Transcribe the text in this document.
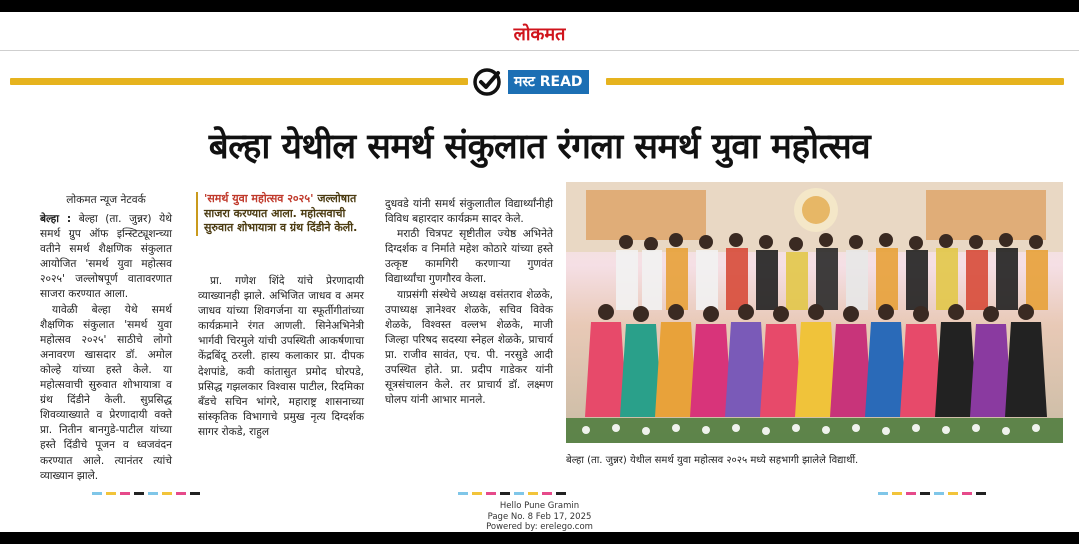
लोकमत
मस्ट READ
बेल्हा येथील समर्थ संकुलात रंगला समर्थ युवा महोत्सव
लोकमत न्यूज नेटवर्क

बेल्हा : बेल्हा (ता. जुन्नर) येथे समर्थ ग्रुप ऑफ इन्स्टिट्यूशन्च्या वतीने समर्थ शैक्षणिक संकुलात आयोजित 'समर्थ युवा महोत्सव २०२५' जल्लोषपूर्ण वातावरणात साजरा करण्यात आला.

यावेळी बेल्हा येथे समर्थ शैक्षणिक संकुलात 'समर्थ युवा महोत्सव २०२५' साठीचे लोगो अनावरण खासदार डॉ. अमोल कोल्हे यांच्या हस्ते केले. या महोत्सवाची सुरुवात शोभायात्रा व ग्रंथ दिंडीने केली. सुप्रसिद्ध शिवव्याख्याते व प्रेरणादायी वक्ते प्रा. नितीन बानगुडे-पाटील यांच्या हस्ते दिंडीचे पूजन व ध्वजवंदन करण्यात आले. त्यानंतर त्यांचे व्याख्यान झाले.

'समर्थ युवा महोत्सव २०२५' जल्लोषात साजरा करण्यात आला. महोत्सवाची सुरुवात शोभायात्रा व ग्रंथ दिंडीने केली.

प्रा. गणेश शिंदे यांचे प्रेरणादायी व्याख्यानही झाले. अभिजित जाधव व अमर जाधव यांच्या शिवगर्जना या स्फूर्तीगीतांच्या कार्यक्रमाने रंगत आणली. सिनेअभिनेत्री भार्गवी चिरमुले यांची उपस्थिती आकर्षणाचा केंद्रबिंदू ठरली. हास्य कलाकार प्रा. दीपक देशपांडे, कवी कांतासुत प्रमोद घोरपडे, प्रसिद्ध गझलकार विश्वास पाटील, रिदमिका बँडचे सचिन भांगरे, महाराष्ट्र शासनाच्या सांस्कृतिक विभागाचे प्रमुख नृत्य दिग्दर्शक सागर रोकडे, राहुल

दुधवडे यांनी समर्थ संकुलातील विद्यार्थ्यांनीही विविध बहारदार कार्यक्रम सादर केले.

मराठी चित्रपट सृष्टीतील ज्येष्ठ अभिनेते दिग्दर्शक व निर्माते महेश कोठारे यांच्या हस्ते उत्कृष्ट कामगिरी करणाऱ्या गुणवंत विद्यार्थ्यांचा गुणगौरव केला.

याप्रसंगी संस्थेचे अध्यक्ष वसंतराव शेळके, उपाध्यक्ष ज्ञानेश्वर शेळके, सचिव विवेक शेळके, विश्वस्त वल्लभ शेळके, माजी जिल्हा परिषद सदस्या स्नेहल शेळके, प्राचार्य प्रा. राजीव सावंत, एच. पी. नरसुडे आदी उपस्थित होते. प्रा. प्रदीप गाडेकर यांनी सूत्रसंचालन केले. तर प्राचार्य डॉ. लक्ष्मण घोलप यांनी आभार मानले.

बेल्हा (ता. जुन्नर) येथील समर्थ युवा महोत्सव २०२५ मध्ये सहभागी झालेले विद्यार्थी.
Hello Pune Gramin
Page No. 8 Feb 17, 2025
Powered by: erelego.com
